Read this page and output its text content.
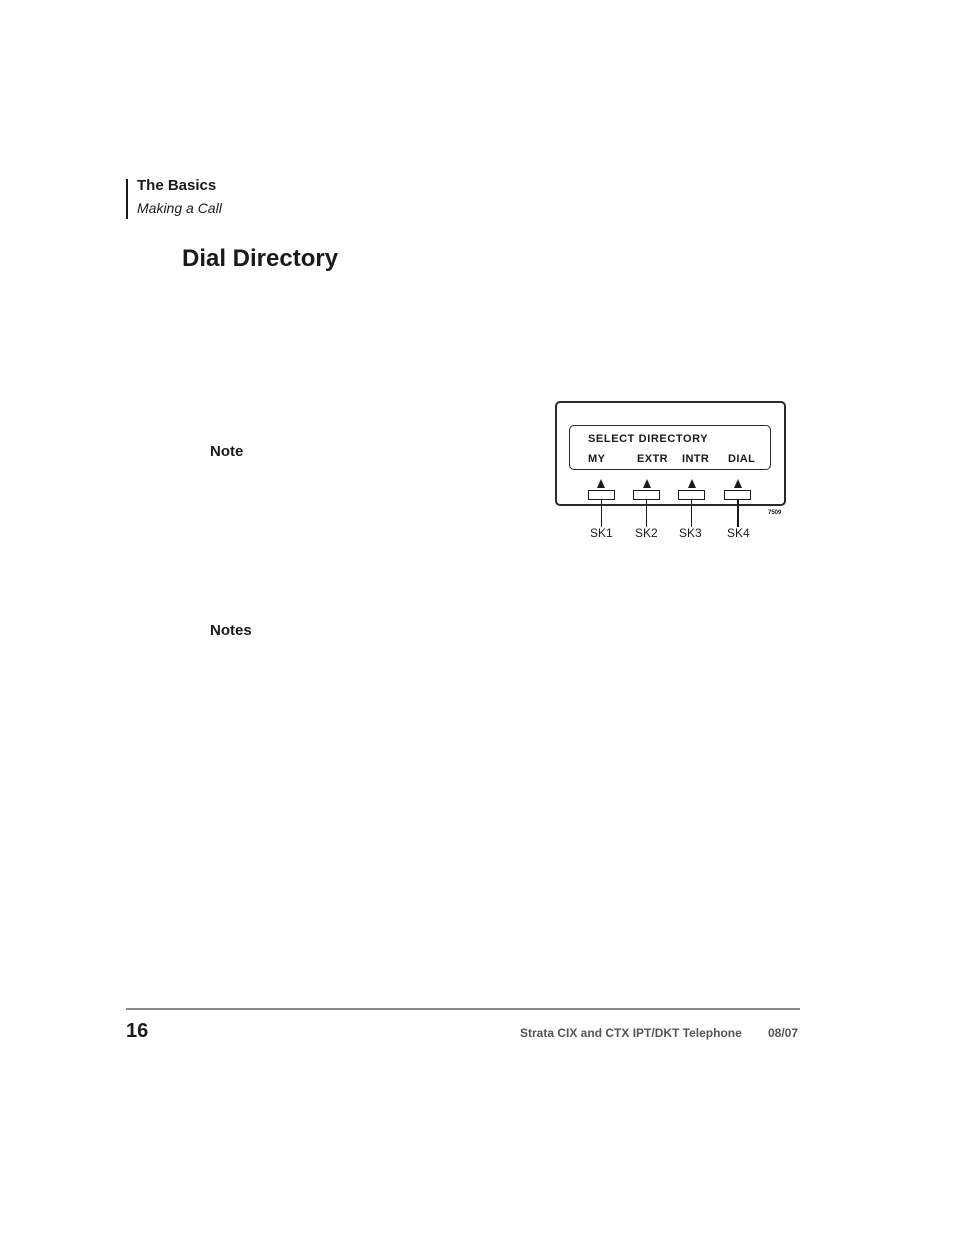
The Basics
Making a Call
Dial Directory
Note
Notes
SELECT DIRECTORY
MY	EXTR INTR DIAL
SK1 SK2 SK3 SK4
7509
16	Strata CIX and CTX IPT/DKT Telephone 08/07
